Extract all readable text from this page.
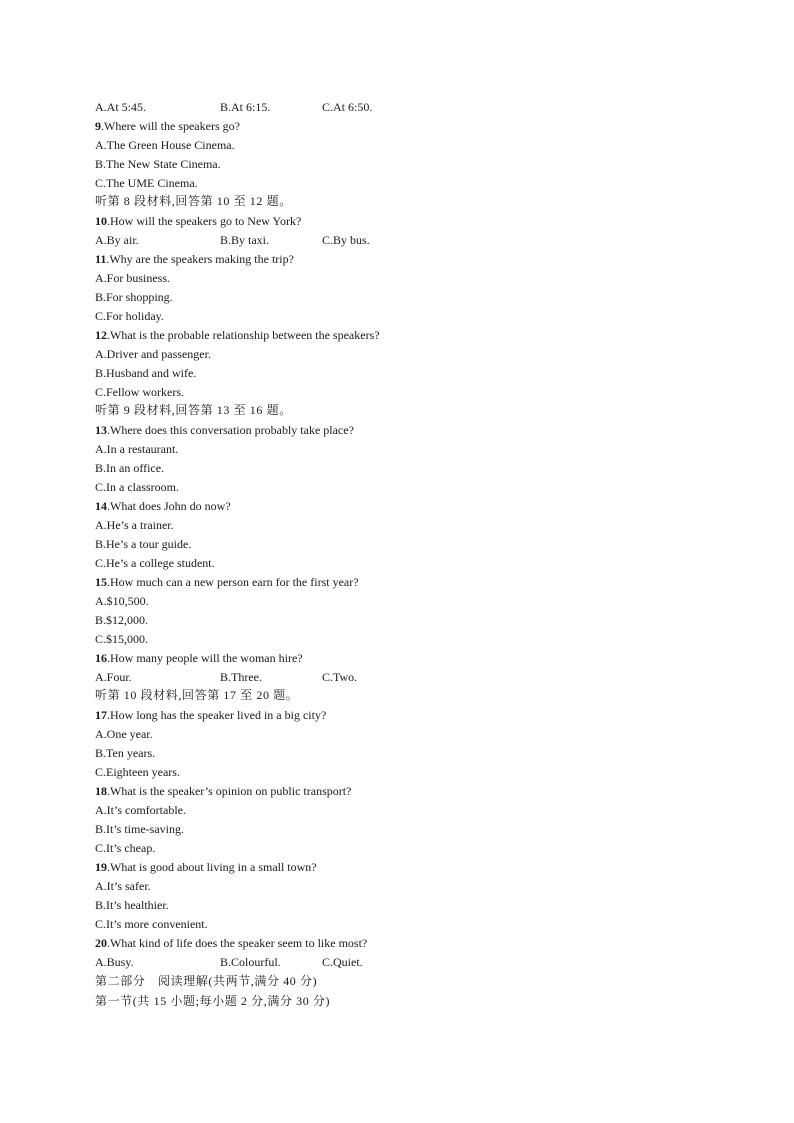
A.At 5:45.	B.At 6:15.	C.At 6:50.
9.Where will the speakers go?
A.The Green House Cinema.
B.The New State Cinema.
C.The UME Cinema.
听第 8 段材料,回答第 10 至 12 题。
10.How will the speakers go to New York?
A.By air.	B.By taxi.	C.By bus.
11.Why are the speakers making the trip?
A.For business.
B.For shopping.
C.For holiday.
12.What is the probable relationship between the speakers?
A.Driver and passenger.
B.Husband and wife.
C.Fellow workers.
听第 9 段材料,回答第 13 至 16 题。
13.Where does this conversation probably take place?
A.In a restaurant.
B.In an office.
C.In a classroom.
14.What does John do now?
A.He’s a trainer.
B.He’s a tour guide.
C.He’s a college student.
15.How much can a new person earn for the first year?
A.$10,500.
B.$12,000.
C.$15,000.
16.How many people will the woman hire?
A.Four.	B.Three.	C.Two.
听第 10 段材料,回答第 17 至 20 题。
17.How long has the speaker lived in a big city?
A.One year.
B.Ten years.
C.Eighteen years.
18.What is the speaker’s opinion on public transport?
A.It’s comfortable.
B.It’s time-saving.
C.It’s cheap.
19.What is good about living in a small town?
A.It’s safer.
B.It’s healthier.
C.It’s more convenient.
20.What kind of life does the speaker seem to like most?
A.Busy.	B.Colourful.	C.Quiet.
第二部分　阅读理解(共两节,满分 40 分)
第一节(共 15 小题;每小题 2 分,满分 30 分)
